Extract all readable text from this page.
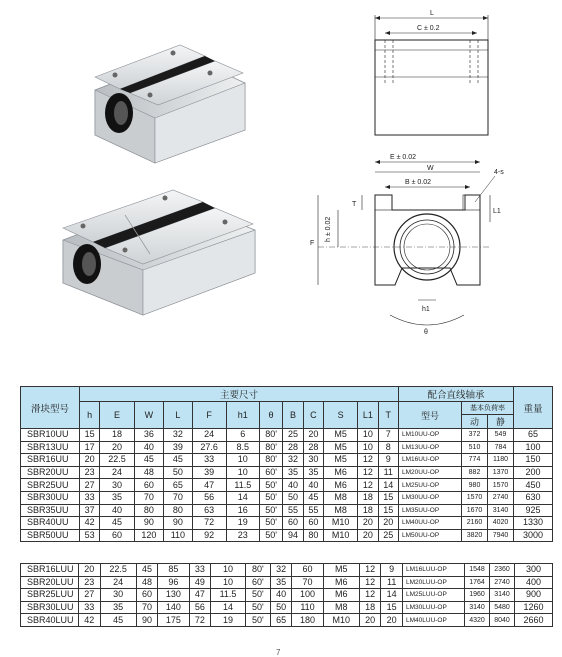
L
C ± 0.2
E ± 0.02
W
B ± 0.02
4-s
T
L1
h ± 0.02
F
h1
θ
滑块型号	主要尺寸												配合直线轴承			重量
	h	E	W	L	F	h1	θ	B	C	S	L1	T	型号	基本负荷率		
														动	静	
SBR10UU	15	18	36	32	24	6	80'	25	20	M5	10	7	LM10UU-OP	372	549	65
SBR13UU	17	20	40	39	27.6	8.5	80'	28	28	M5	10	8	LM13UU-OP	510	784	100
SBR16UU	20	22.5	45	45	33	10	80'	32	30	M5	12	9	LM16UU-OP	774	1180	150
SBR20UU	23	24	48	50	39	10	60'	35	35	M6	12	11	LM20UU-OP	882	1370	200
SBR25UU	27	30	60	65	47	11.5	50'	40	40	M6	12	14	LM25UU-OP	980	1570	450
SBR30UU	33	35	70	70	56	14	50'	50	45	M8	18	15	LM30UU-OP	1570	2740	630
SBR35UU	37	40	80	80	63	16	50'	55	55	M8	18	15	LM35UU-OP	1670	3140	925
SBR40UU	42	45	90	90	72	19	50'	60	60	M10	20	20	LM40UU-OP	2160	4020	1330
SBR50UU	53	60	120	110	92	23	50'	94	80	M10	20	25	LM50UU-OP	3820	7940	3000
SBR16LUU	20	22.5	45	85	33	10	80'	32	60	M5	12	9	LM16LUU-OP	1548	2360	300
SBR20LUU	23	24	48	96	49	10	60'	35	70	M6	12	11	LM20LUU-OP	1764	2740	400
SBR25LUU	27	30	60	130	47	11.5	50'	40	100	M6	12	14	LM25LUU-OP	1960	3140	900
SBR30LUU	33	35	70	140	56	14	50'	50	110	M8	18	15	LM30LUU-OP	3140	5480	1260
SBR40LUU	42	45	90	175	72	19	50'	65	180	M10	20	20	LM40LUU-OP	4320	8040	2660
7
